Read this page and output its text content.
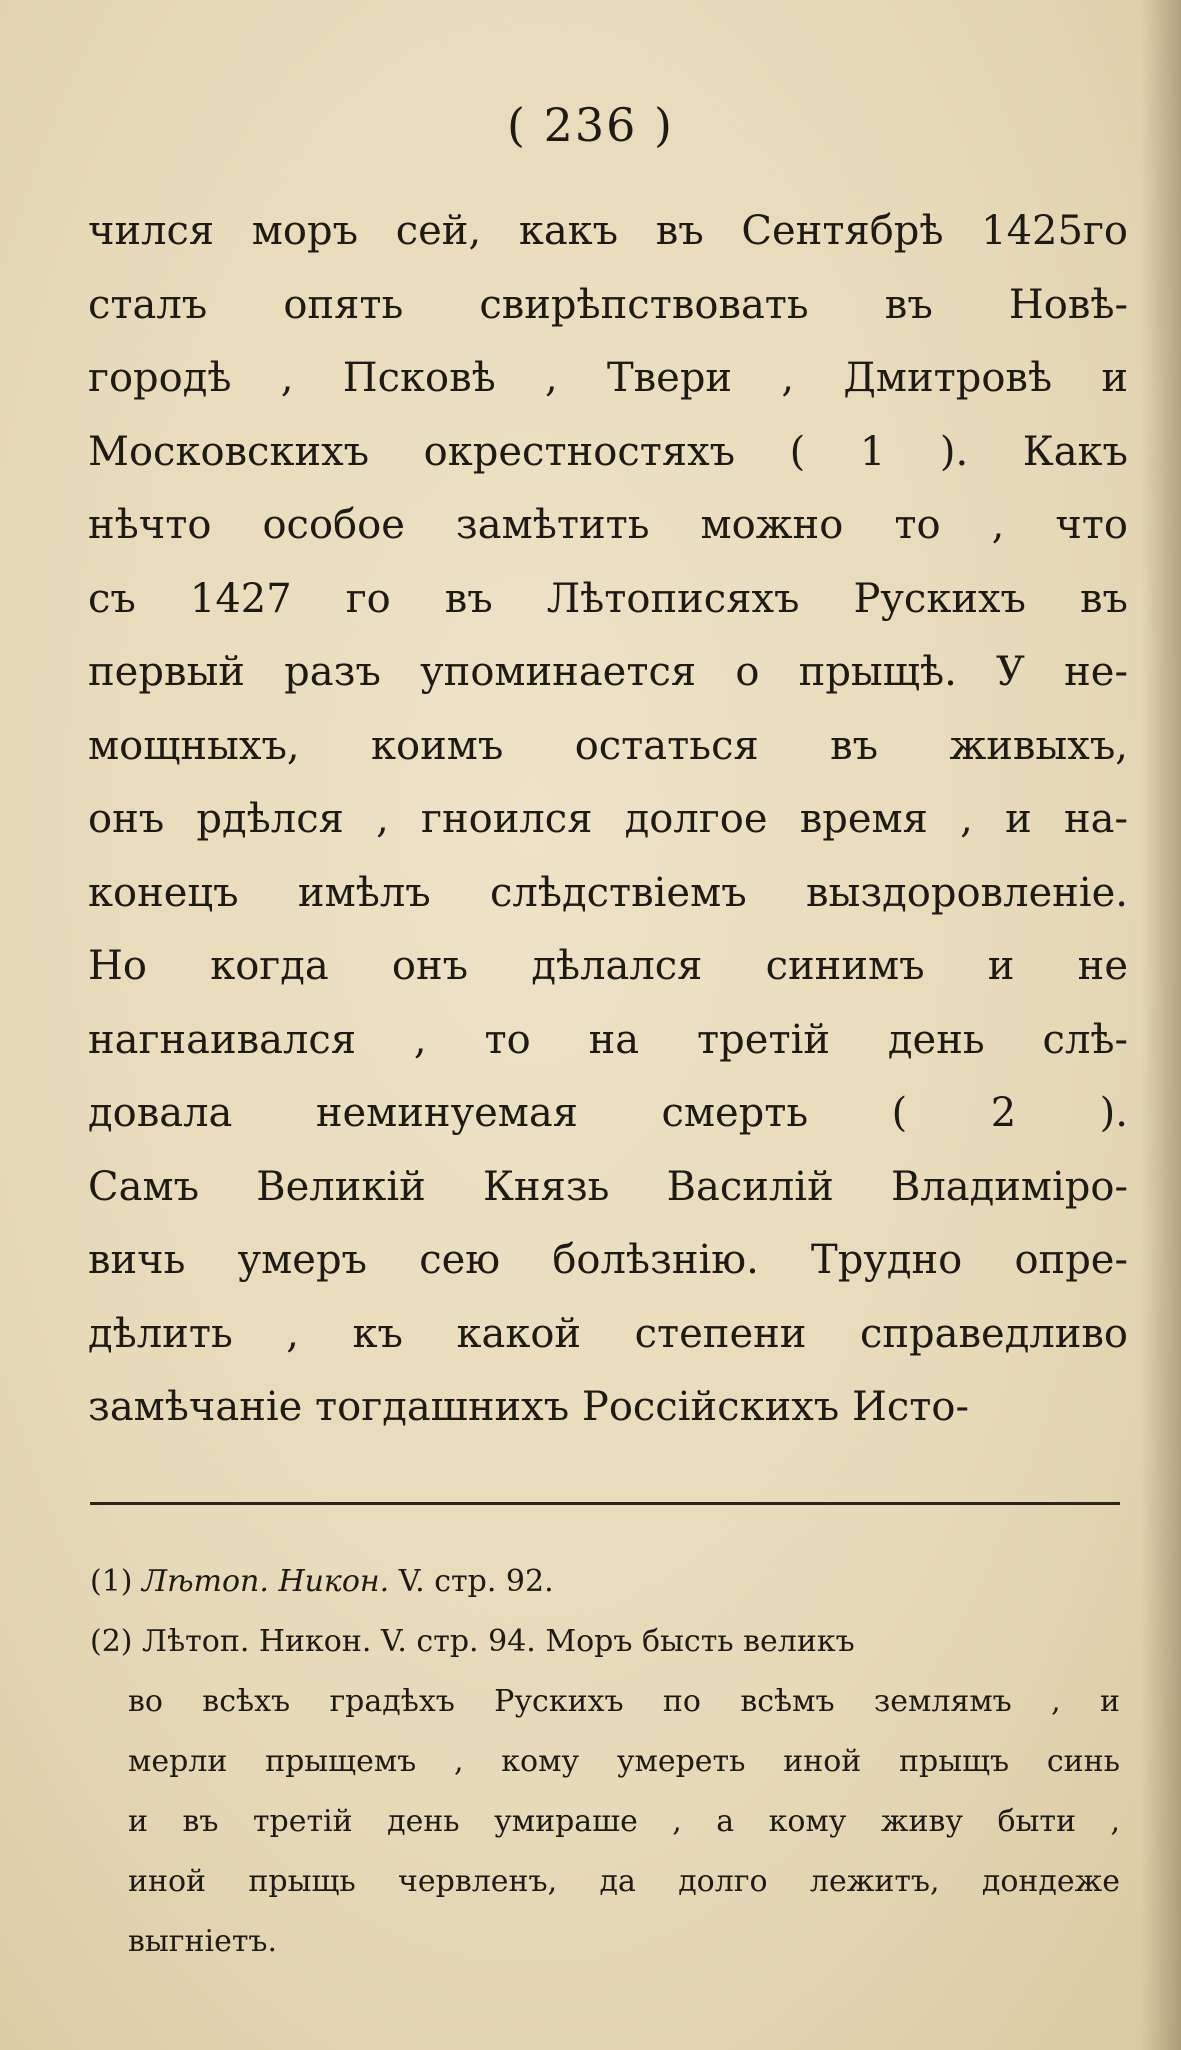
( 236 )
чился моръ сей, какъ въ Сентябрѣ 1425го
сталъ опять свирѣпствовать въ Новѣ-
городѣ , Псковѣ , Твери , Дмитровѣ и
Московскихъ окрестностяхъ ( 1 ). Какъ
нѣчто особое замѣтить можно то , что
съ 1427 го въ Лѣтописяхъ Рускихъ въ
первый разъ упоминается о прыщѣ. У не-
мощныхъ, коимъ остаться въ живыхъ,
онъ рдѣлся , гноился долгое время , и на-
конецъ имѣлъ слѣдствіемъ выздоровленіе.
Но когда онъ дѣлался синимъ и не
нагнаивался , то на третій день слѣ-
довала неминуемая смерть ( 2 ).
Самъ Великій Князь Василій Владимiро-
вичь умеръ сею болѣзнію. Трудно опре-
дѣлить , къ какой степени справедливо
замѣчаніе тогдашнихъ Россійскихъ Исто-
(1) Лѣтоп. Никон. V. стр. 92.
(2) Лѣтоп. Никон. V. стр. 94. Моръ бысть великъ
во всѣхъ градѣхъ Рускихъ по всѣмъ землямъ , и
мерли прыщемъ , кому умереть иной прыщъ синь
и въ третій день умираше , а кому живу быти ,
иной прыщь червленъ, да долго лежитъ, дондеже
выгніетъ.
